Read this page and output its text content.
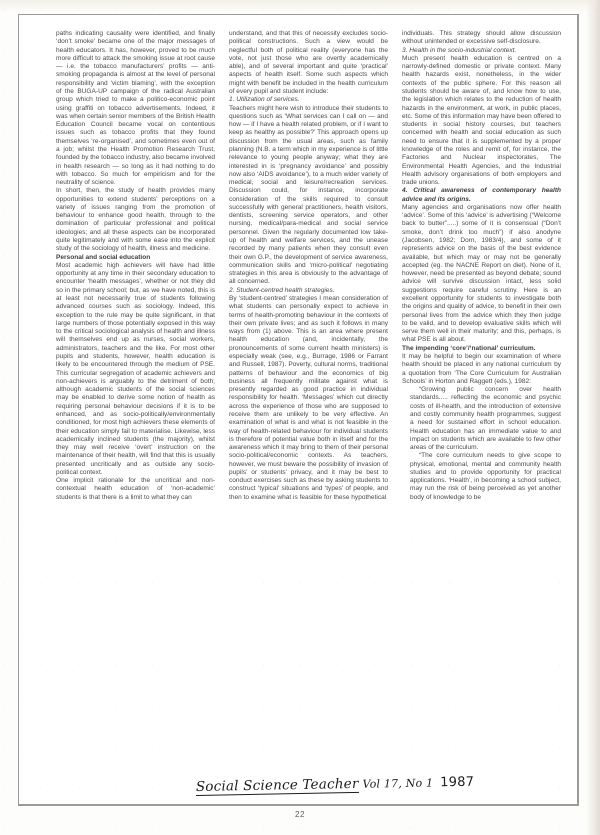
paths indicating causality were identified, and finally ‘don’t smoke’ became one of the major messages of health educators. It has, however, proved to be much more difficult to attack the smoking issue at root cause — i.e. the tobacco manufacturers’ profits — anti-smoking propaganda is almost at the level of personal responsibility and ‘victim blaming’, with the exception of the BUGA-UP campaign of the radical Australian group which tried to make a politico-economic point using graffiti on tobacco advertisements. Indeed, it was when certain senior members of the British Health Education Council became vocal on contentious issues such as tobacco profits that they found themselves ‘re-organised’, and sometimes even out of a job; whilst the Health Promotion Research Trust, founded by the tobacco industry, also became involved in health research — so long as it had nothing to do with tobacco. So much for empiricism and for the neutrality of science.

In short, then, the study of health provides many opportunities to extend students’ perceptions on a variety of issues ranging from the promotion of behaviour to enhance good health, through to the domination of particular professional and political ideologies; and all these aspects can be incorporated quite legitimately and with some ease into the explicit study of the sociology of health, illness and medicine.

Personal and social education

Most academic high achievers will have had little opportunity at any time in their secondary education to encounter ‘health messages’, whether or not they did so in the primary school; but, as we have noted, this is at least not necessarily true of students following advanced courses such as sociology. Indeed, this exception to the rule may be quite significant, in that large numbers of those potentially exposed in this way to the critical sociological analysis of health and illness will themselves end up as nurses, social workers, administrators, teachers and the like. For most other pupils and students, however, health education is likely to be encountered through the medium of PSE. This curricular segregation of academic achievers and non-achievers is arguably to the detriment of both; although academic students of the social sciences may be enabled to derive some notion of health as requiring personal behaviour decisions if it is to be enhanced, and as socio-politically/environmentally conditioned, for most high achievers these elements of their education simply fail to materialise. Likewise, less academically inclined students (the majority), whilst they may well receive ‘overt’ instruction on the maintenance of their health, will find that this is usually presented uncritically and as outside any socio-political context.

One implicit rationale for the uncritical and non-contextual health education of ‘non-academic’ students is that there is a limit to what they can

understand, and that this of necessity excludes socio-political constructions. Such a view would be neglectful both of political reality (everyone has the vote, not just those who are overtly academically able), and of several important and quite ‘practical’ aspects of health itself. Some such aspects which might with benefit be included in the health curriculum of every pupil and student include:

1. Utilization of services.

Teachers might here wish to introduce their students to questions such as ‘What services can I call on — and how — if I have a health related problem, or if I want to keep as healthy as possible?’ This approach opens up discussion from the usual areas, such as family planning (N.B. a term which in my experience is of little relevance to young people anyway; what they are interested in is ‘pregnancy avoidance’ and possibly now also ‘AIDS avoidance’), to a much wider variety of medical, social and leisure/recreation services. Discussion could, for instance, incorporate consideration of the skills required to consult successfully with general practitioners, health visitors, dentists, screening service operators, and other nursing, medical/para-medical and social service personnel. Given the regularly documented low take-up of health and welfare services, and the unease recorded by many patients when they consult even their own G.P., the development of service awareness, communication skills and ‘micro-political’ negotiating strategies in this area is obviously to the advantage of all concerned.

2. Student-centred health strategies.

By ‘student-centred’ strategies I mean consideration of what students can personally expect to achieve in terms of health-promoting behaviour in the contexts of their own private lives; and as such it follows in many ways from (1) above. This is an area where present health education (and, incidentally, the pronouncements of some current health ministers) is especially weak (see, e.g., Burrage, 1986 or Farrant and Russell, 1987). Poverty, cultural norms, traditional patterns of behaviour and the economics of big business all frequently militate against what is presently regarded as good practice in individual responsibility for health. ‘Messages’ which cut directly across the experience of those who are supposed to receive them are unlikely to be very effective. An examination of what is and what is not feasible in the way of health-related behaviour for individual students is therefore of potential value both in itself and for the awareness which it may bring to them of their personal socio-political/economic contexts. As teachers, however, we must beware the possibility of invasion of pupils’ or students’ privacy, and it may be best to conduct exercises such as these by asking students to construct ‘typical’ situations and ‘types’ of people, and then to examine what is feasible for these hypothetical

individuals. This strategy should allow discussion without unintended or excessive self-disclosure.

3. Health in the socio-industrial context.

Much present health education is centred on a narrowly-defined domestic or private context. Many health hazards exist, nonetheless, in the wider contexts of the public sphere. For this reason all students should be aware of, and know how to use, the legislation which relates to the reduction of health hazards in the environment, at work, in public places, etc. Some of this information may have been offered to students in social history courses, but teachers concerned with health and social education as such need to ensure that it is supplemented by a proper knowledge of the roles and remit of, for instance, the Factories and Nuclear inspectorates, The Environmental Health Agencies, and the Industrial Health advisory organisations of both employers and trade unions.

4. Critical awareness of contemporary health advice and its origins.

Many agencies and organisations now offer health ‘advice’. Some of this ‘advice’ is advertising (“Welcome back to butter”.....) some of it is consensual (“Don’t smoke, don’t drink too much”) if also anodyne (Jacobsen, 1982; Dorn, 1983/4), and some of it represents advice on the basis of the best evidence available, but which may or may not be generally accepted (eg. the NACNE Report on diet). None of it, however, need be presented as beyond debate; sound advice will survive discussion intact, less solid suggestions require careful scrutiny. Here is an excellent opportunity for students to investigate both the origins and quality of advice, to benefit in their own personal lives from the advice which they then judge to be valid, and to develop evaluative skills which will serve them well in their maturity; and this, perhaps, is what PSE is all about.

The impending ‘core’/‘national’ curriculum.

It may be helpful to begin our examination of where health should be placed in any national curriculum by a quotation from ‘The Core Curriculum for Australian Schools’ in Horton and Raggett (eds.), 1982:

“Growing public concern over health standards..... reflecting the economic and psychic costs of ill-health, and the introduction of extensive and costly community health programmes, suggest a need for sustained effort in school education. Health education has an immediate value to and impact on students which are available to few other areas of the curriculum.

“The core curriculum needs to give scope to physical, emotional, mental and community health studies and to provide opportunity for practical applications. ‘Health’, in becoming a school subject, may run the risk of being perceived as yet another body of knowledge to be

Social Science Teacher Vol 17, No 1 1987
22
